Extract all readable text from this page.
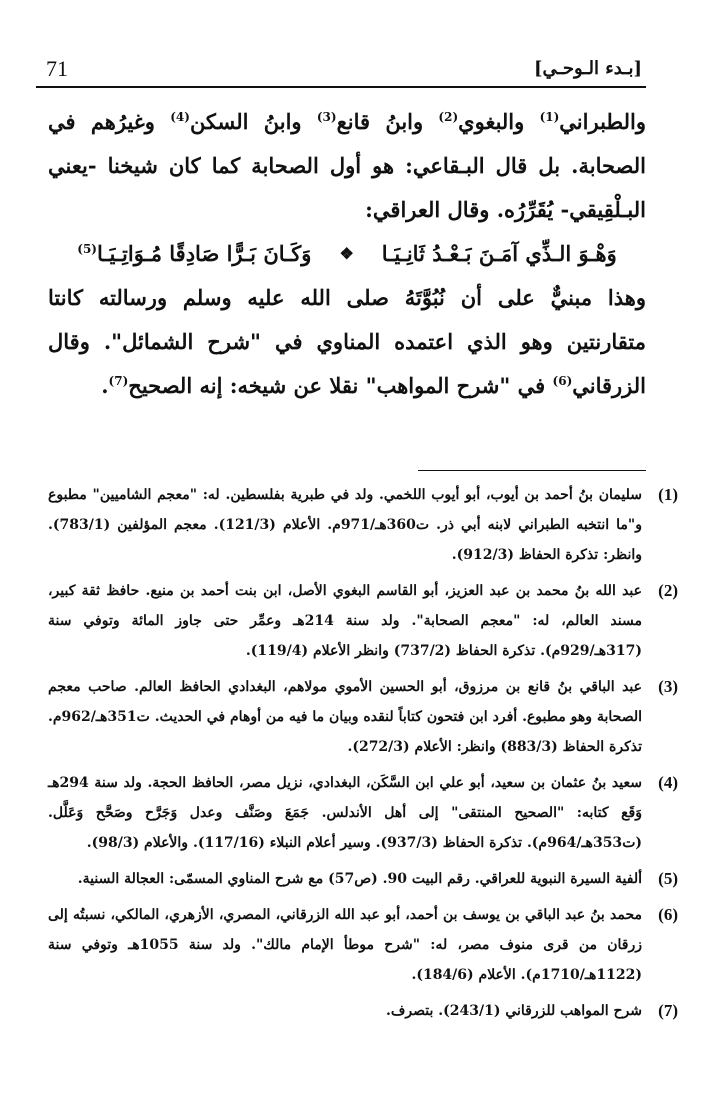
71	[بـدء الـوحـي]

والطبراني$^{(1)}$ والبغوي$^{(2)}$ وابنُ قانع$^{(3)}$ وابنُ السكن$^{(4)}$ وغيرُهم في الصحابة. بل قال البـقاعي: هو أول الصحابة كما كان شيخنا -يعني البـلْقِيقي- يُقَرِّرُه. وقال العراقي:

وَهْـوَ الـذِّي آمَـنَ بَـعْـدُ ثَانِـيَـا
❖
وَكَـانَ بَـرًّا صَادِقًا مُـوَاتِـيَـا$^{(5)}$

وهذا مبنيٌّ على أن نُبُوَّتَهُ صلى الله عليه وسلم ورسالته كانتا متقارنتين وهو الذي اعتمده المناوي في "شرح الشمائل". وقال الزرقاني$^{(6)}$ في "شرح المواهب" نقلا عن شيخه: إنه الصحيح$^{(7)}$.

(1)
سليمان بنُ أحمد بن أيوب، أبو أيوب اللخمي. ولد في طبرية بفلسطين. له: "معجم الشاميين" مطبوع و"ما انتخبه الطبراني لابنه أبي ذر. ت360هـ/971م. الأعلام (121/3). معجم المؤلفين (783/1). وانظر: تذكرة الحفاظ (912/3).
(2)
عبد الله بنُ محمد بن عبد العزيز، أبو القاسم البغوي الأصل، ابن بنت أحمد بن منيع. حافظ ثقة كبير، مسند العالم، له: "معجم الصحابة". ولد سنة 214هـ وعمِّر حتى جاوز المائة وتوفي سنة (317هـ/929م). تذكرة الحفاظ (737/2) وانظر الأعلام (119/4).
(3)
عبد الباقي بنُ قانع بن مرزوق، أبو الحسين الأموي مولاهم، البغدادي الحافظ العالم. صاحب معجم الصحابة وهو مطبوع. أفرد ابن فتحون كتاباً لنقده وبيان ما فيه من أوهام في الحديث. ت351هـ/962م. تذكرة الحفاظ (883/3) وانظر: الأعلام (272/3).
(4)
سعيد بنُ عثمان بن سعيد، أبو علي ابن السَّكَن، البغدادي، نزيل مصر، الحافظ الحجة. ولد سنة 294هـ وَقَع كتابه: "الصحيح المنتقى" إلى أهل الأندلس. جَمَعَ وصَنَّف وعدل وَجَرَّح وصَحَّح وَعَلَّل. (ت353هـ/964م). تذكرة الحفاظ (937/3). وسير أعلام النبلاء (117/16). والأعلام (98/3).
(5)
ألفية السيرة النبوية للعراقي. رقم البيت 90. (ص57) مع شرح المناوي المسمّى: العجالة السنية.
(6)
محمد بنُ عبد الباقي بن يوسف بن أحمد، أبو عبد الله الزرقاني، المصري، الأزهري، المالكي، نسبتُه إلى زرقان من قرى منوف مصر، له: "شرح موطأ الإمام مالك". ولد سنة 1055هـ وتوفي سنة (1122هـ/1710م). الأعلام (184/6).
(7)
شرح المواهب للزرقاني (243/1). بتصرف.
